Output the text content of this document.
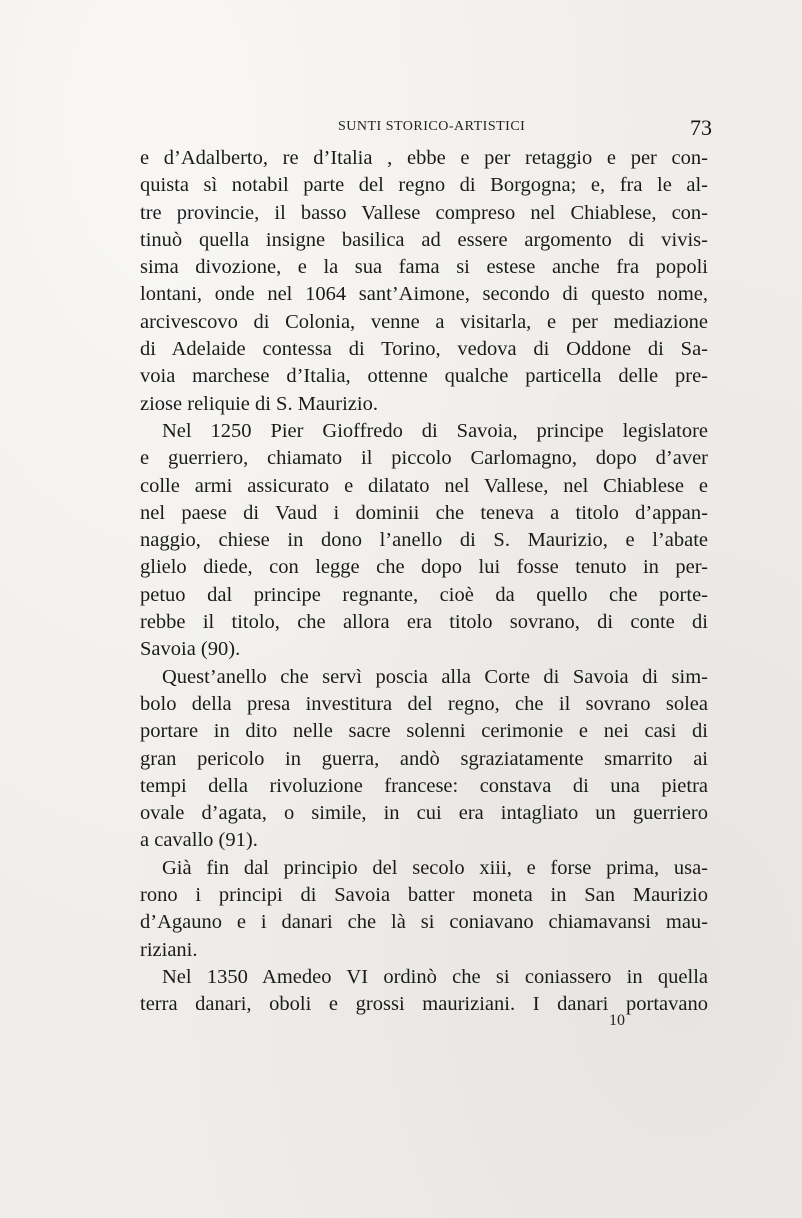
SUNTI STORICO-ARTISTICI	73
e d’Adalberto, re d’Italia , ebbe e per retaggio e per con-
quista sì notabil parte del regno di Borgogna; e, fra le al-
tre provincie, il basso Vallese compreso nel Chiablese, con-
tinuò quella insigne basilica ad essere argomento di vivis-
sima divozione, e la sua fama si estese anche fra popoli
lontani, onde nel 1064 sant’Aimone, secondo di questo nome,
arcivescovo di Colonia, venne a visitarla, e per mediazione
di Adelaide contessa di Torino, vedova di Oddone di Sa-
voia marchese d’Italia, ottenne qualche particella delle pre-
ziose reliquie di S. Maurizio.
Nel 1250 Pier Gioffredo di Savoia, principe legislatore
e guerriero, chiamato il piccolo Carlomagno, dopo d’aver
colle armi assicurato e dilatato nel Vallese, nel Chiablese e
nel paese di Vaud i dominii che teneva a titolo d’appan-
naggio, chiese in dono l’anello di S. Maurizio, e l’abate
glielo diede, con legge che dopo lui fosse tenuto in per-
petuo dal principe regnante, cioè da quello che porte-
rebbe il titolo, che allora era titolo sovrano, di conte di
Savoia (90).
Quest’anello che servì poscia alla Corte di Savoia di sim-
bolo della presa investitura del regno, che il sovrano solea
portare in dito nelle sacre solenni cerimonie e nei casi di
gran pericolo in guerra, andò sgraziatamente smarrito ai
tempi della rivoluzione francese: constava di una pietra
ovale d’agata, o simile, in cui era intagliato un guerriero
a cavallo (91).
Già fin dal principio del secolo xiii, e forse prima, usa-
rono i principi di Savoia batter moneta in San Maurizio
d’Agauno e i danari che là si coniavano chiamavansi mau-
riziani.
Nel 1350 Amedeo VI ordinò che si coniassero in quella
terra danari, oboli e grossi mauriziani. I danari portavano
10
